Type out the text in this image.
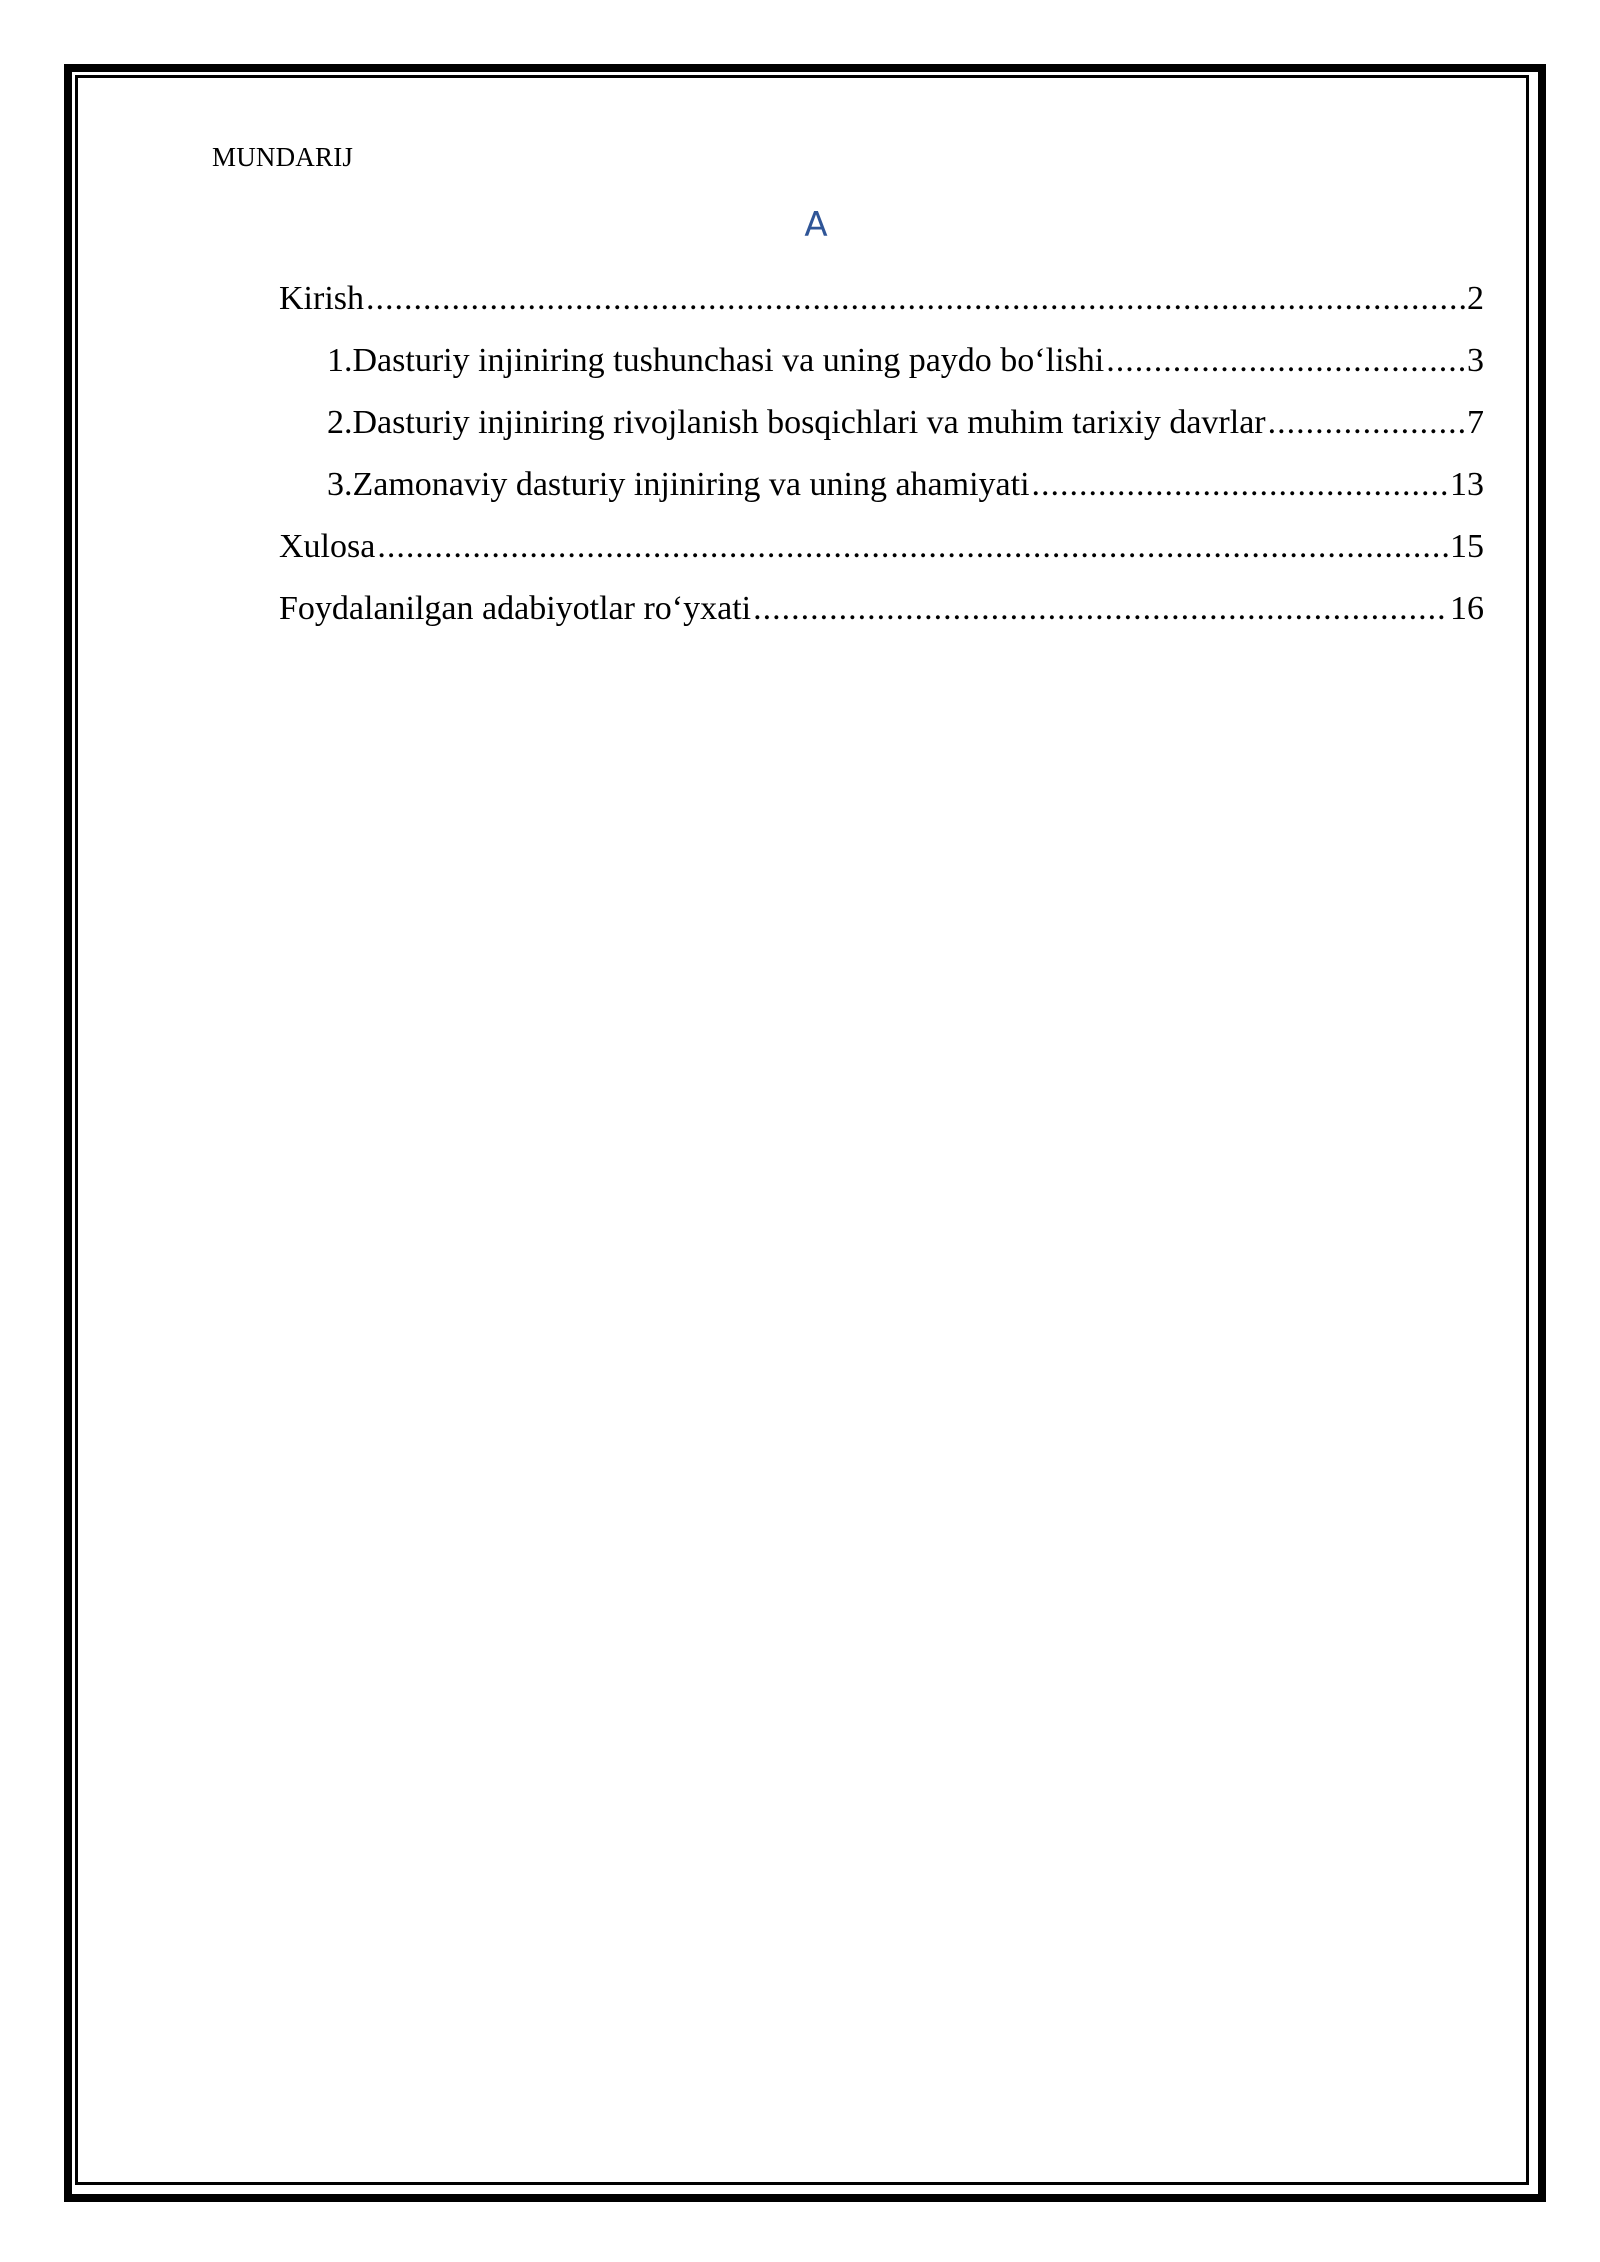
MUNDARIJ
A
Kirish .....	2
1. Dasturiy injiniring tushunchasi va uning paydo bo‘lishi .....	3
2. Dasturiy injiniring rivojlanish bosqichlari va muhim tarixiy davrlar .....	7
3. Zamonaviy dasturiy injiniring va uning ahamiyati .....	13
Xulosa .....	15
Foydalanilgan adabiyotlar ro‘yxati .....	16
